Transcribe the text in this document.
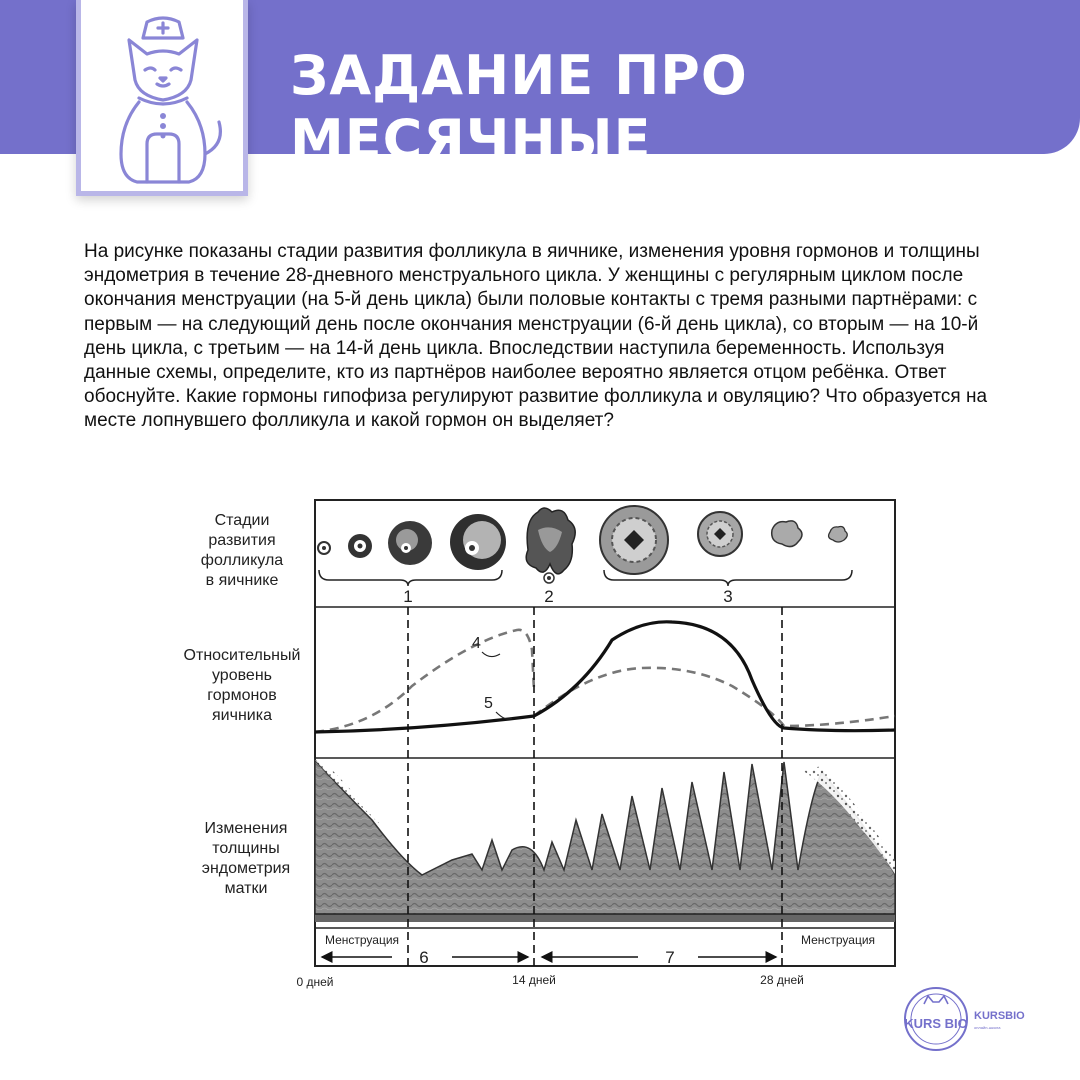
ЗАДАНИЕ ПРО МЕСЯЧНЫЕ

На рисунке показаны стадии развития фолликула в яичнике, изменения уровня гормонов и толщины эндометрия в течение 28-дневного менструального цикла. У женщины с регулярным циклом после окончания менструации (на 5-й день цикла) были половые контакты с тремя разными партнёрами: с первым — на следующий день после окончания менструации (6-й день цикла), со вторым — на 10-й день цикла, с третьим — на 14-й день цикла. Впоследствии наступила беременность. Используя данные схемы, определите, кто из партнёров наиболее вероятно является отцом ребёнка. Ответ обоснуйте. Какие гормоны гипофиза регулируют развитие фолликула и овуляцию? Что образуется на месте лопнувшего фолликула и какой гормон он выделяет?

Стадии
развития
фолликула
в яичнике
Относительный
уровень
гормонов
яичника
Изменения
толщины
эндометрия
матки
1	2	3
4
5
Менструация	Менструация
6	7
0 дней	14 дней	28 дней
KURS BIO KURSBIO
онлайн-школа
